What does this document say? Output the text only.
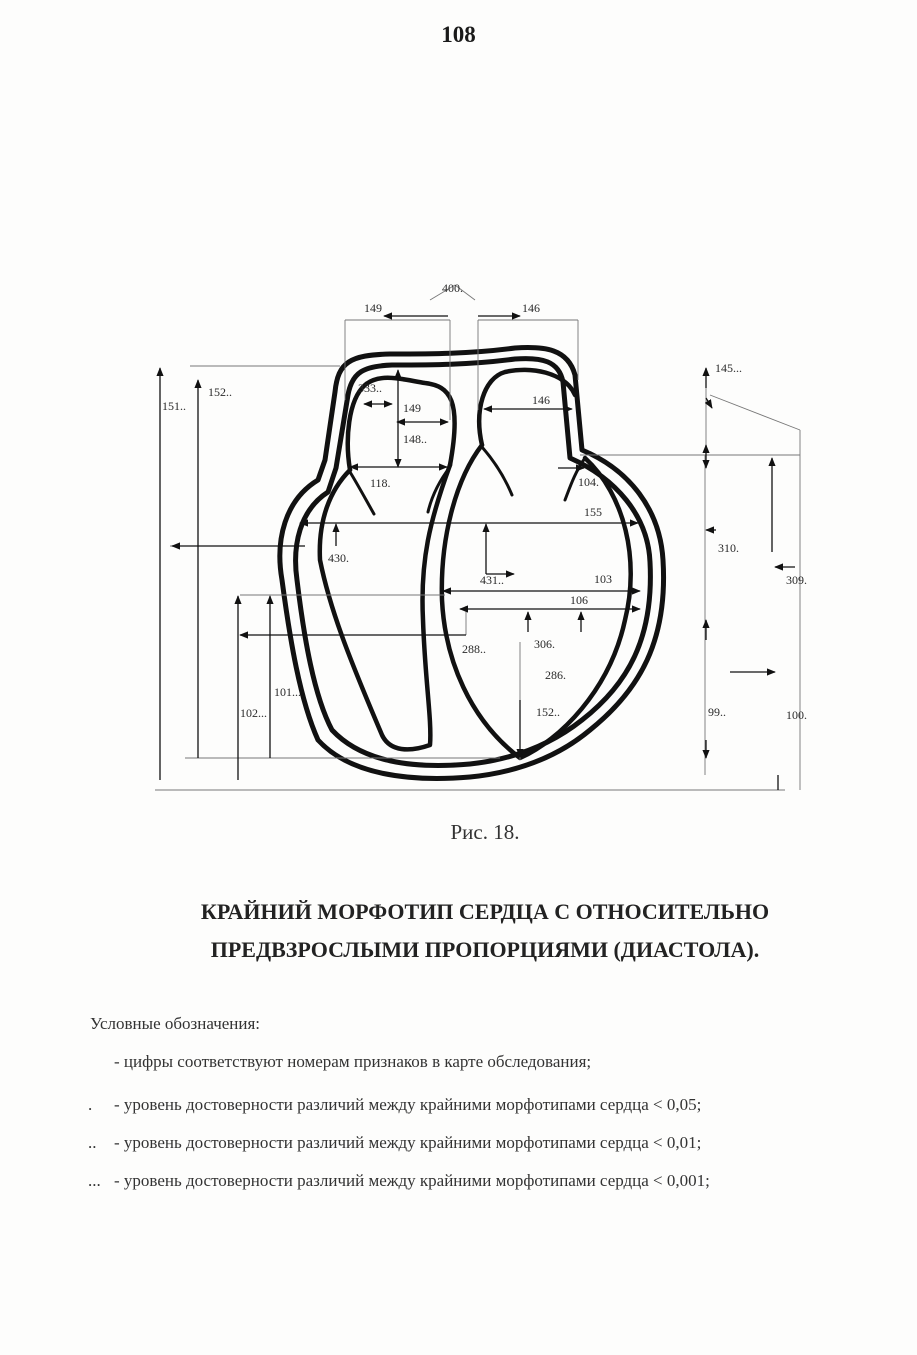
108
400.
149	146
145...
152..
151..
333..
149
148..
146
118.	104.
155
430.
310.
309.
431..	103
106
288..	306.
286.
101...
102...	152..	99..	100.
Рис. 18.
КРАЙНИЙ МОРФОТИП СЕРДЦА С ОТНОСИТЕЛЬНО
ПРЕДВЗРОСЛЫМИ ПРОПОРЦИЯМИ (ДИАСТОЛА).
Условные обозначения:
- цифры соответствуют номерам признаков в карте обследования;
. - уровень достоверности различий между крайними морфотипами сердца < 0,05;
.. - уровень достоверности различий между крайними морфотипами сердца < 0,01;
... - уровень достоверности различий между крайними морфотипами сердца < 0,001;
